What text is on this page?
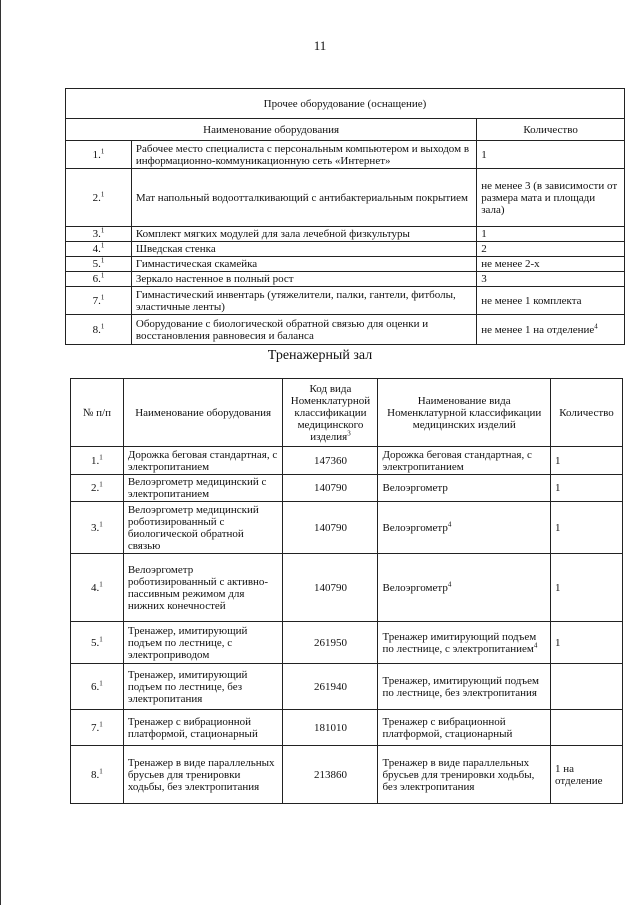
11
Прочее оборудование (оснащение)		
Наименование оборудования		Количество
1.$^1$	Рабочее место специалиста с персональным компьютером и выходом в информационно-коммуникационную сеть «Интернет»	1
2.$^1$	Мат напольный водоотталкивающий с антибактериальным покрытием	не менее 3 (в зависимости от размера мата и площади зала)
3.$^1$	Комплект мягких модулей для зала лечебной физкультуры	1
4.$^1$	Шведская стенка	2
5.$^1$	Гимнастическая скамейка	не менее 2-х
6.$^1$	Зеркало настенное в полный рост	3
7.$^1$	Гимнастический инвентарь (утяжелители, палки, гантели, фитболы, эластичные ленты)	не менее 1 комплекта
8.$^1$	Оборудование с биологической обратной связью для оценки и восстановления равновесия и баланса	не менее 1 на отделение$^4$
Тренажерный зал
№ п/п	Наименование оборудования	Код вида Номенклатурной классификации медицинского изделия$^3$	Наименование вида Номенклатурной классификации медицинских изделий	Количество
1.$^1$	Дорожка беговая стандартная, с электропитанием	147360	Дорожка беговая стандартная, с электропитанием	1
2.$^1$	Велоэргометр медицинский с электропитанием	140790	Велоэргометр	1
3.$^1$	Велоэргометр медицинский роботизированный с биологической обратной связью	140790	Велоэргометр$^4$	1
4.$^1$	Велоэргометр роботизированный с активно-пассивным режимом для нижних конечностей	140790	Велоэргометр$^4$	1
5.$^1$	Тренажер, имитирующий подъем по лестнице, с электроприводом	261950	Тренажер имитирующий подъем по лестнице, с электропитанием$^4$	1
6.$^1$	Тренажер, имитирующий подъем по лестнице, без электропитания	261940	Тренажер, имитирующий подъем по лестнице, без электропитания	
7.$^1$	Тренажер с вибрационной платформой, стационарный	181010	Тренажер с вибрационной платформой, стационарный	
8.$^1$	Тренажер в виде параллельных брусьев для тренировки ходьбы, без электропитания	213860	Тренажер в виде параллельных брусьев для тренировки ходьбы, без электропитания	1 на отделение
